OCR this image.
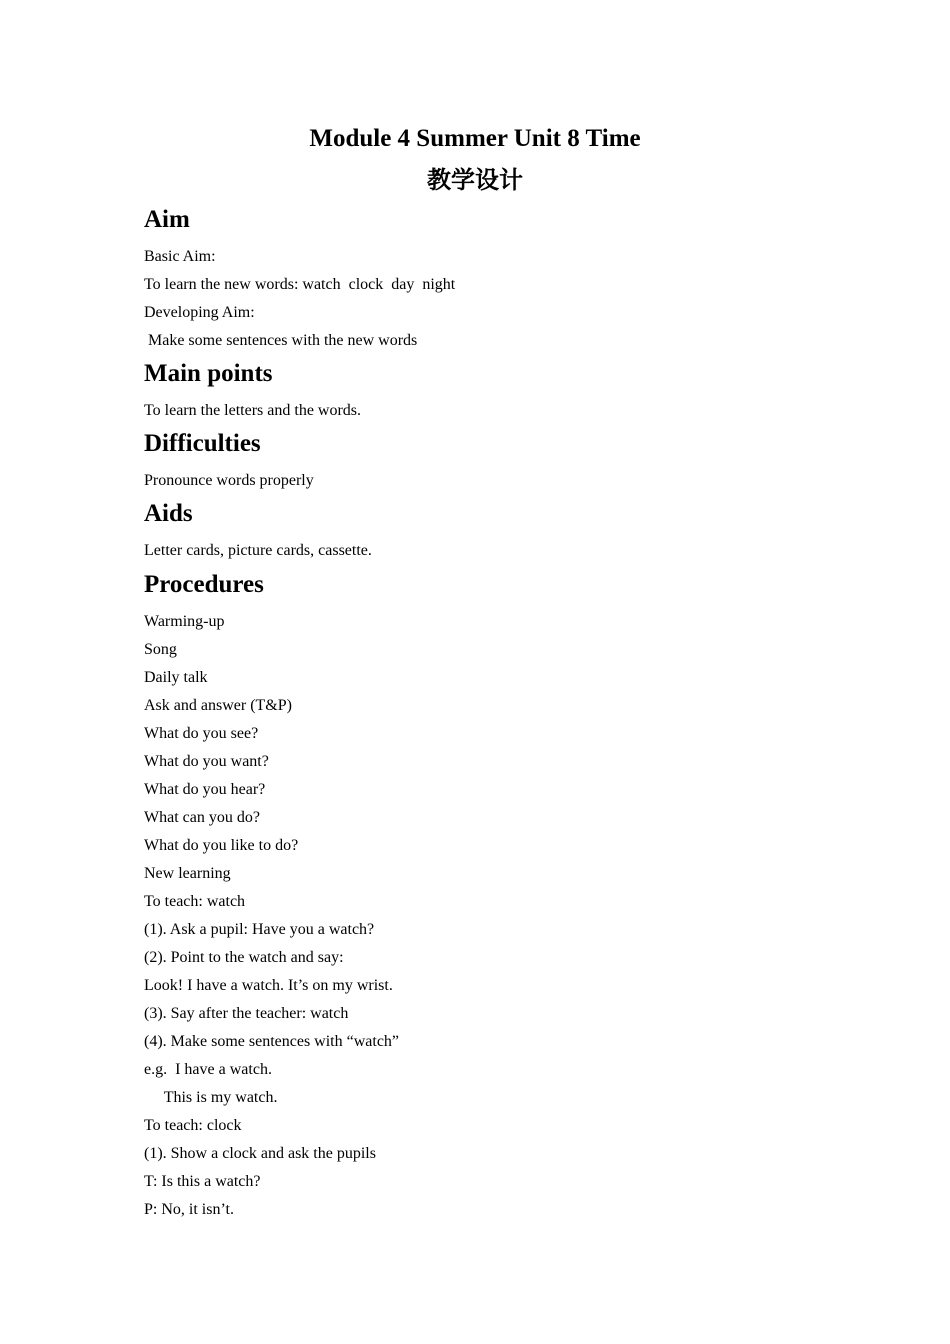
Module 4 Summer Unit 8 Time
教学设计
Aim
Basic Aim:
To learn the new words: watch  clock  day  night
Developing Aim:
Make some sentences with the new words
Main points
To learn the letters and the words.
Difficulties
Pronounce words properly
Aids
Letter cards, picture cards, cassette.
Procedures
Warming-up
Song
Daily talk
Ask and answer (T&P)
What do you see?
What do you want?
What do you hear?
What can you do?
What do you like to do?
New learning
To teach: watch
(1). Ask a pupil: Have you a watch?
(2). Point to the watch and say:
Look! I have a watch. It’s on my wrist.
(3). Say after the teacher: watch
(4). Make some sentences with “watch”
e.g.  I have a watch.
This is my watch.
To teach: clock
(1). Show a clock and ask the pupils
T: Is this a watch?
P: No, it isn’t.
